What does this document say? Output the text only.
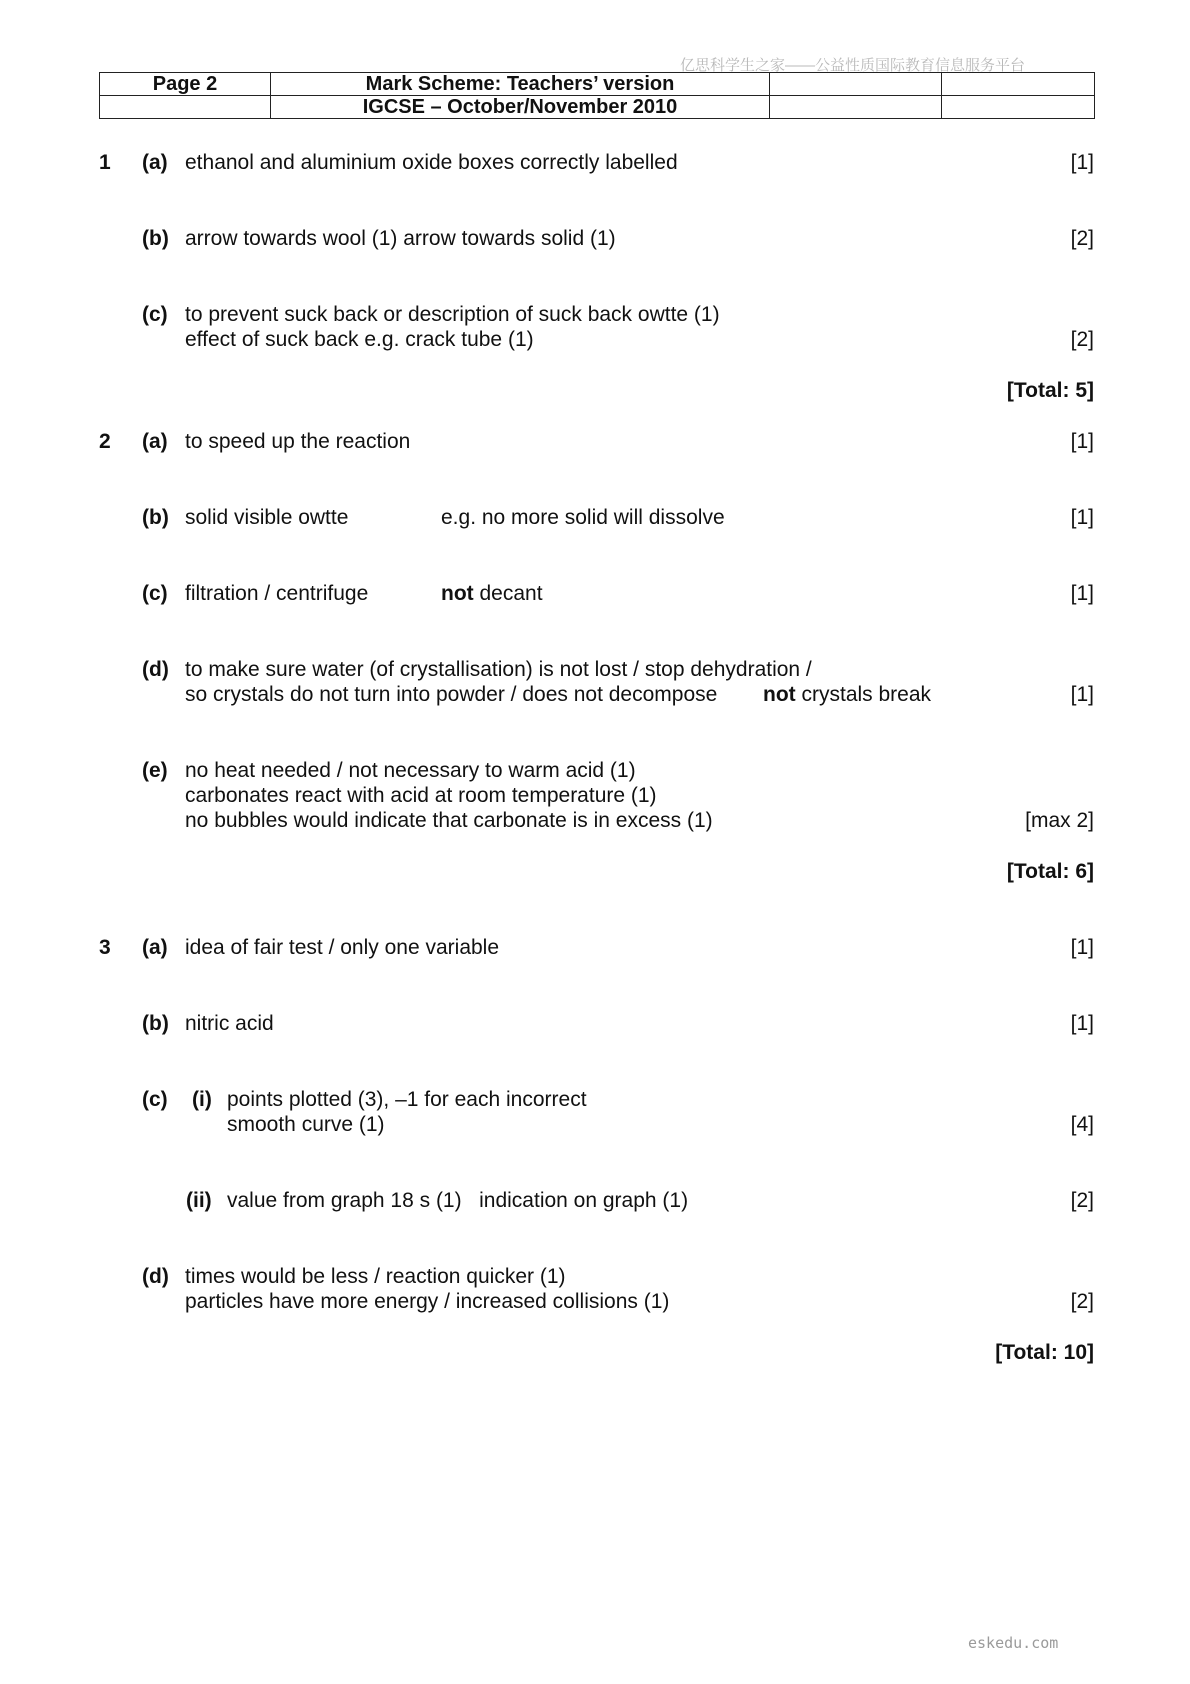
亿思科学生之家——公益性质国际教育信息服务平台
Page 2	Mark Scheme: Teachers’ version		
	IGCSE – October/November 2010		
1 (a) ethanol and aluminium oxide boxes correctly labelled	[1]
(b) arrow towards wool (1) arrow towards solid (1)	[2]
(c) to prevent suck back or description of suck back owtte (1)
effect of suck back e.g. crack tube (1)	[2]
[Total: 5]
2 (a) to speed up the reaction	[1]
(b) solid visible owtte	e.g. no more solid will dissolve	[1]
(c) filtration / centrifuge	not decant	[1]
(d) to make sure water (of crystallisation) is not lost / stop dehydration /
so crystals do not turn into powder / does not decompose not crystals break	[1]
(e) no heat needed / not necessary to warm acid (1)
carbonates react with acid at room temperature (1)
no bubbles would indicate that carbonate is in excess (1)	[max 2]
[Total: 6]
3 (a) idea of fair test / only one variable	[1]
(b) nitric acid	[1]
(c) (i) points plotted (3), –1 for each incorrect
smooth curve (1)	[4]
(ii) value from graph 18 s (1)   indication on graph (1)	[2]
(d) times would be less / reaction quicker (1)
particles have more energy / increased collisions (1)	[2]
[Total: 10]
eskedu.com
